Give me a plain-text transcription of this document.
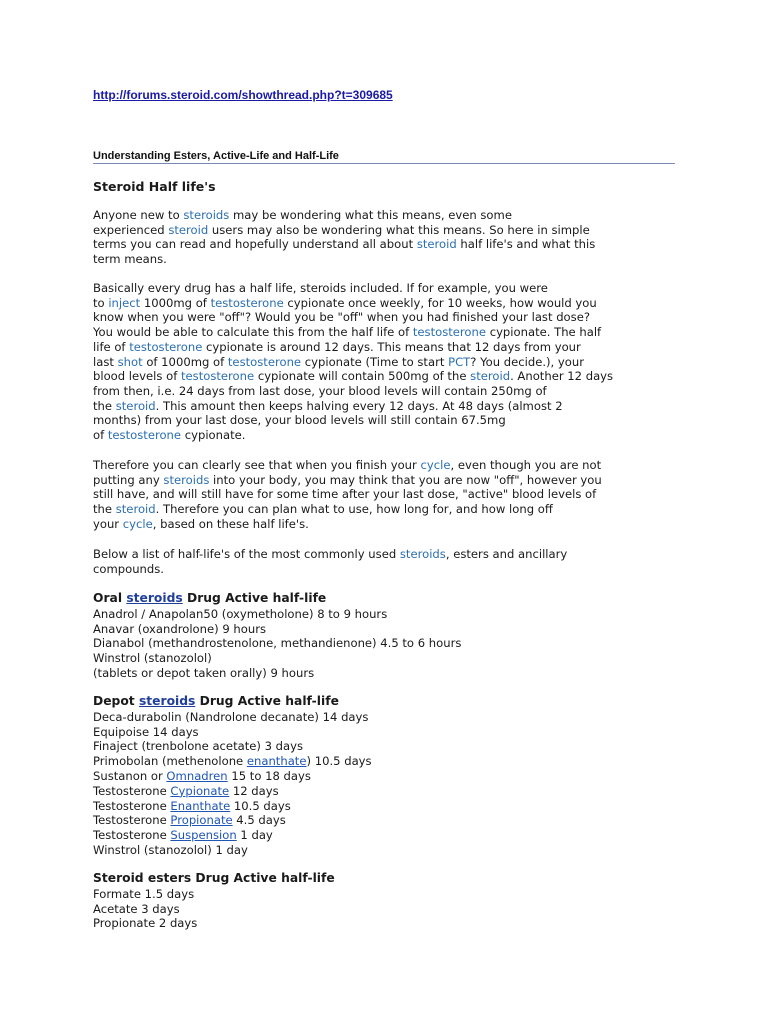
http://forums.steroid.com/showthread.php?t=309685
Understanding Esters, Active-Life and Half-Life
Steroid Half life's
Anyone new to steroids may be wondering what this means, even some
experienced steroid users may also be wondering what this means. So here in simple
terms you can read and hopefully understand all about steroid half life's and what this
term means.
Basically every drug has a half life, steroids included. If for example, you were
to inject 1000mg of testosterone cypionate once weekly, for 10 weeks, how would you
know when you were "off"? Would you be "off" when you had finished your last dose?
You would be able to calculate this from the half life of testosterone cypionate. The half
life of testosterone cypionate is around 12 days. This means that 12 days from your
last shot of 1000mg of testosterone cypionate (Time to start PCT? You decide.), your
blood levels of testosterone cypionate will contain 500mg of the steroid. Another 12 days
from then, i.e. 24 days from last dose, your blood levels will contain 250mg of
the steroid. This amount then keeps halving every 12 days. At 48 days (almost 2
months) from your last dose, your blood levels will still contain 67.5mg
of testosterone cypionate.
Therefore you can clearly see that when you finish your cycle, even though you are not
putting any steroids into your body, you may think that you are now "off", however you
still have, and will still have for some time after your last dose, "active" blood levels of
the steroid. Therefore you can plan what to use, how long for, and how long off
your cycle, based on these half life's.
Below a list of half-life's of the most commonly used steroids, esters and ancillary
compounds.
Oral steroids Drug Active half-life
Anadrol / Anapolan50 (oxymetholone) 8 to 9 hours
Anavar (oxandrolone) 9 hours
Dianabol (methandrostenolone, methandienone) 4.5 to 6 hours
Winstrol (stanozolol)
(tablets or depot taken orally) 9 hours
Depot steroids Drug Active half-life
Deca-durabolin (Nandrolone decanate) 14 days
Equipoise 14 days
Finaject (trenbolone acetate) 3 days
Primobolan (methenolone enanthate) 10.5 days
Sustanon or Omnadren 15 to 18 days
Testosterone Cypionate 12 days
Testosterone Enanthate 10.5 days
Testosterone Propionate 4.5 days
Testosterone Suspension 1 day
Winstrol (stanozolol) 1 day
Steroid esters Drug Active half-life
Formate 1.5 days
Acetate 3 days
Propionate 2 days
